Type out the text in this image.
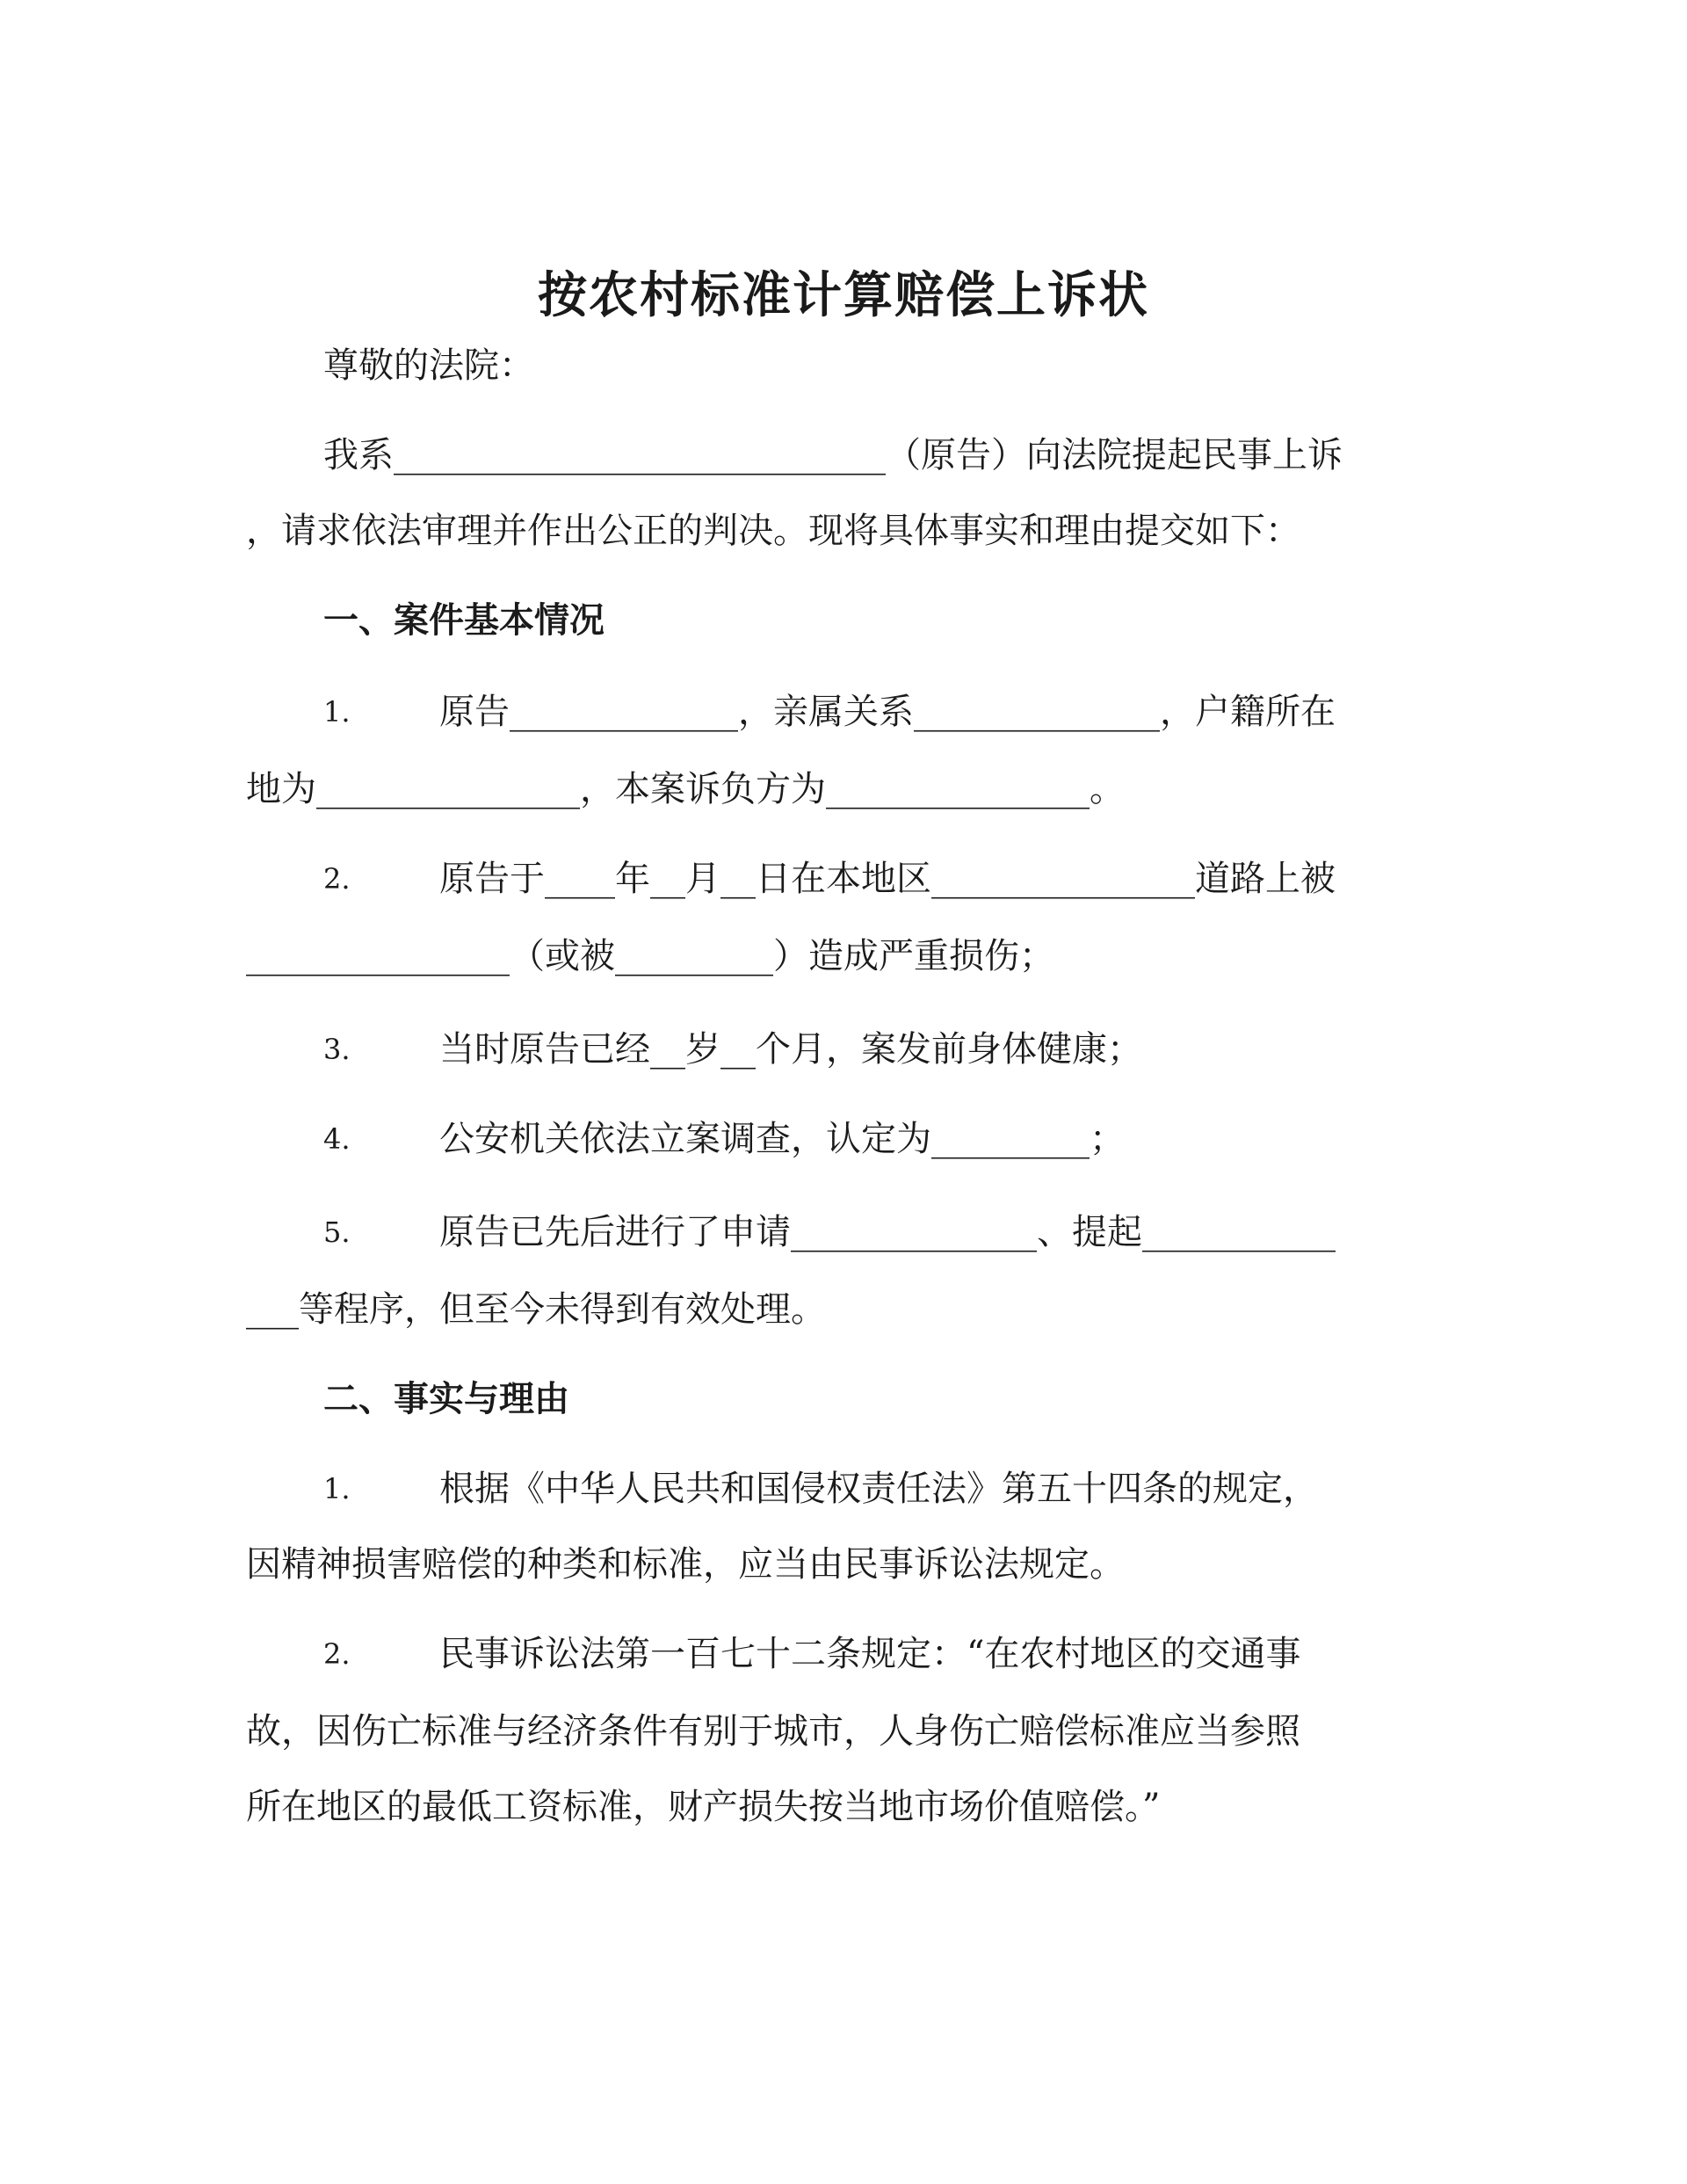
按农村标准计算赔偿上诉状
尊敬的法院：
我系____________________________（原告）向法院提起民事上诉
，请求依法审理并作出公正的判决。现将具体事实和理由提交如下：
一、案件基本情况
1.	原告_____________，亲属关系______________，户籍所在
地为_______________，本案诉负方为_______________。
2.	原告于____年__月__日在本地区_______________道路上被
_______________（或被_________）造成严重损伤；
3.	当时原告已经__岁__个月，案发前身体健康；
4.	公安机关依法立案调查，认定为_________；
5.	原告已先后进行了申请______________、提起___________
___等程序，但至今未得到有效处理。
二、事实与理由
1.	根据《中华人民共和国侵权责任法》第五十四条的规定，
因精神损害赔偿的种类和标准，应当由民事诉讼法规定。
2.	民事诉讼法第一百七十二条规定：“在农村地区的交通事
故，因伤亡标准与经济条件有别于城市，人身伤亡赔偿标准应当参照
所在地区的最低工资标准，财产损失按当地市场价值赔偿。”
